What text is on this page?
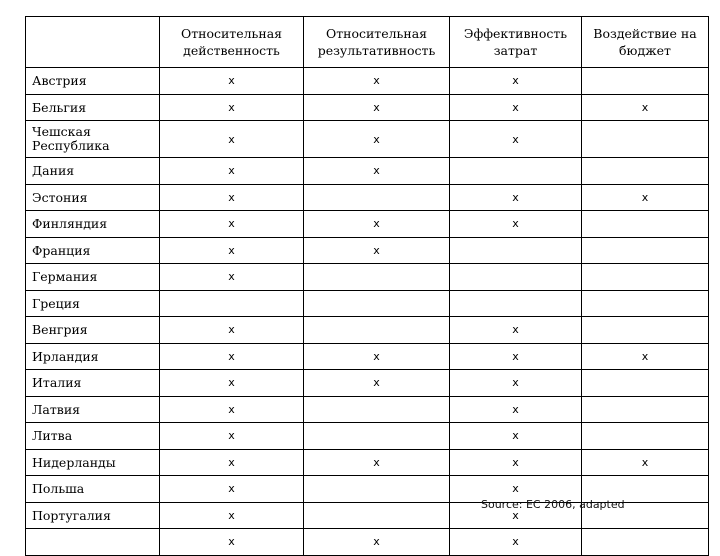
	Относительная действенность	Относительная результативность	Эффективность затрат	Воздействие на бюджет
Австрия	x	x	x	
Бельгия	x	x	x	x
Чешская Республика	x	x	x	
Дания	x	x		
Эстония	x		x	x
Финляндия	x	x	x	
Франция	x	x		
Германия	x			
Греция				
Венгрия	x		x	
Ирландия	x	x	x	x
Италия	x	x	x	
Латвия	x		x	
Литва	x		x	
Нидерланды	x	x	x	x
Польша	x		x	
Португалия	x		x	
	x	x	x	
Source: EC 2006, adapted
